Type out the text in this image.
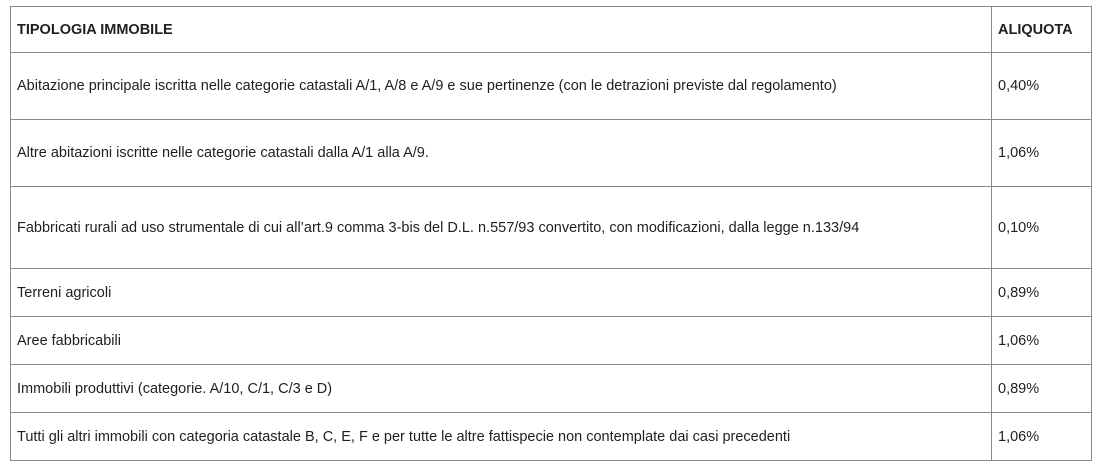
TIPOLOGIA IMMOBILE	ALIQUOTA
Abitazione principale iscritta nelle categorie catastali A/1, A/8 e A/9 e sue pertinenze (con le detrazioni previste dal regolamento)	0,40%
Altre abitazioni iscritte nelle categorie catastali dalla A/1 alla A/9.	1,06%
Fabbricati rurali ad uso strumentale di cui all’art.9 comma 3-bis del D.L. n.557/93 convertito, con modificazioni, dalla legge n.133/94	0,10%
Terreni agricoli	0,89%
Aree fabbricabili	1,06%
Immobili produttivi (categorie. A/10, C/1, C/3 e D)	0,89%
Tutti gli altri immobili con categoria catastale B, C, E, F e per tutte le altre fattispecie non contemplate dai casi precedenti	1,06%
